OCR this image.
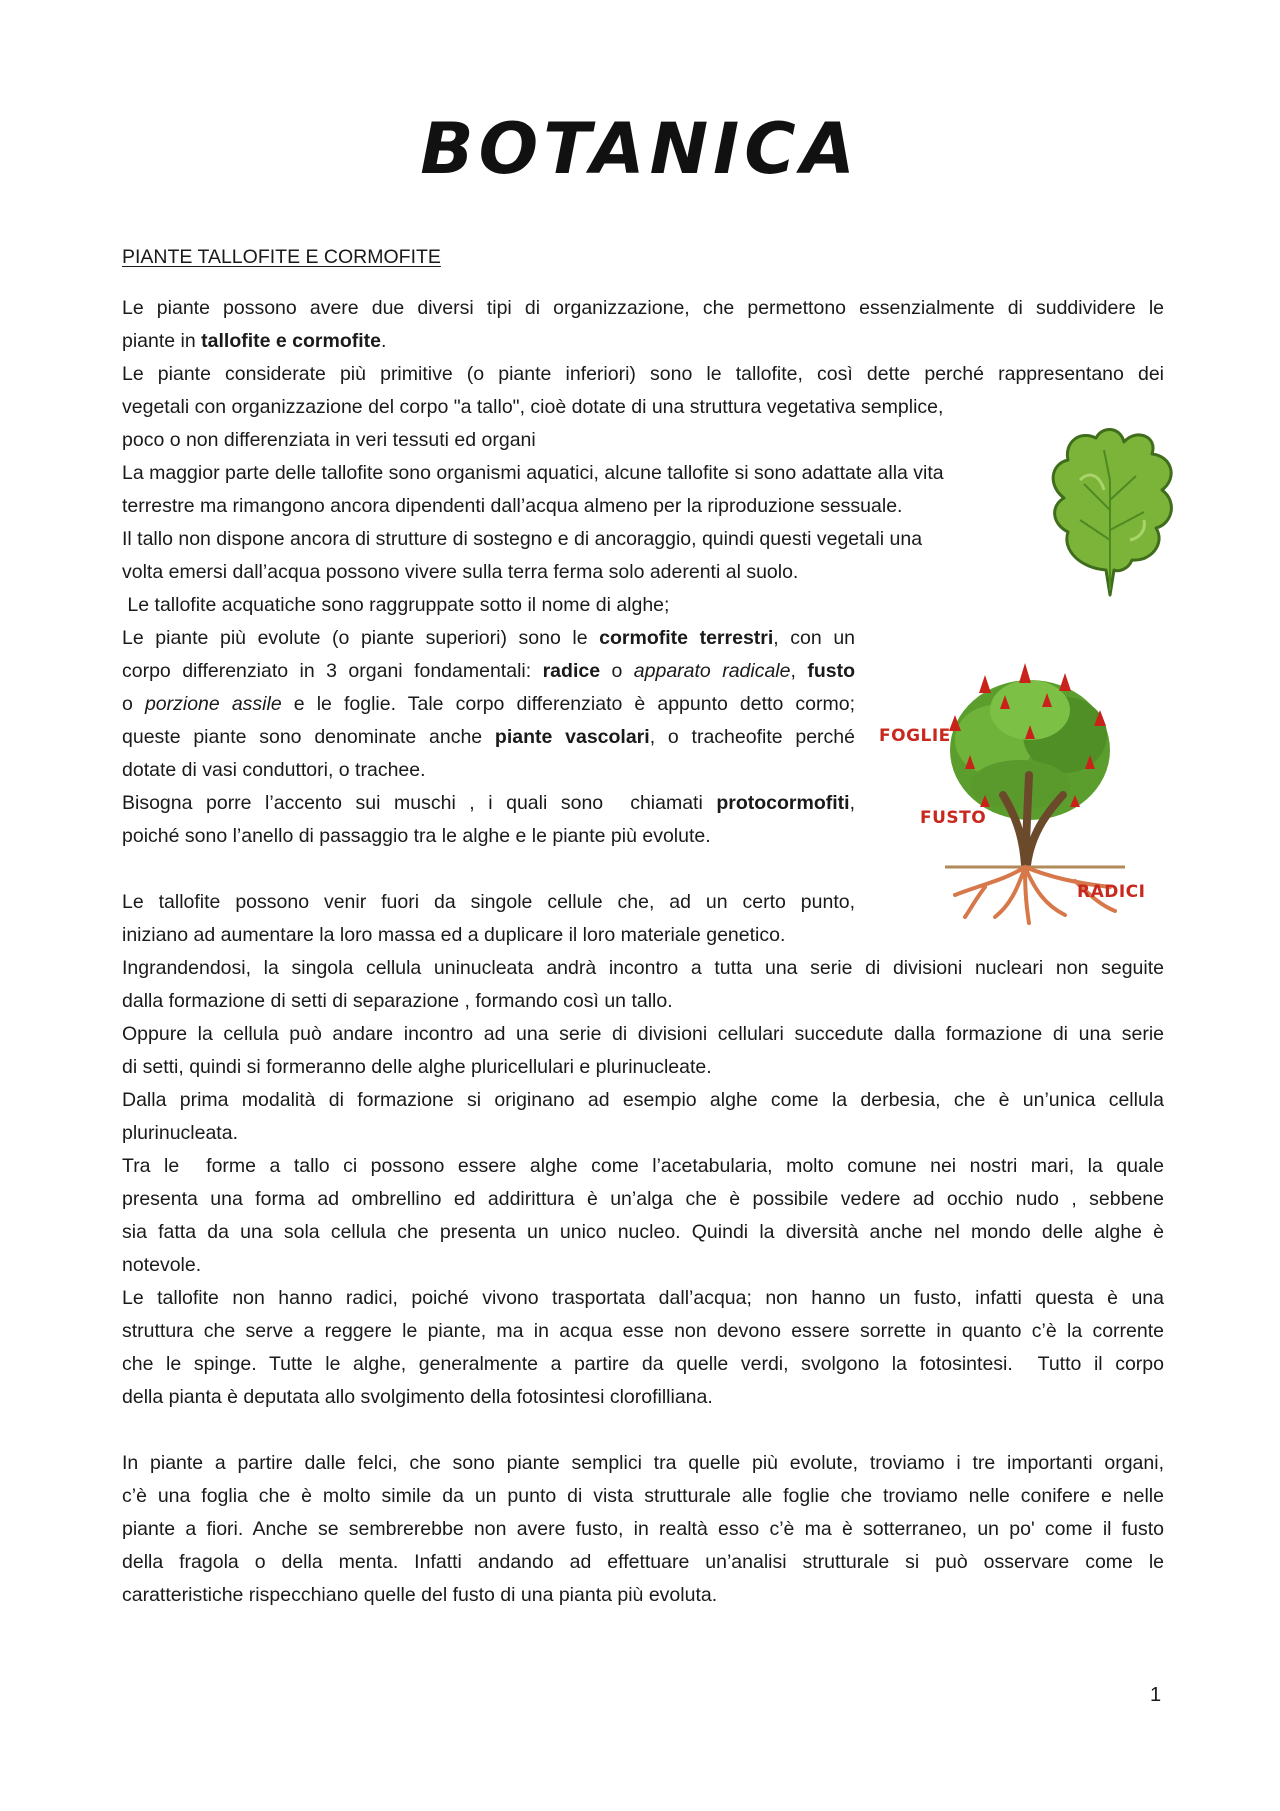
BOTANICA
PIANTE TALLOFITE E CORMOFITE

Le piante possono avere due diversi tipi di organizzazione, che permettono essenzialmente di suddividere le

piante in tallofite e cormofite.

Le piante considerate più primitive (o piante inferiori) sono le tallofite, così dette perché rappresentano dei

vegetali con organizzazione del corpo "a tallo", cioè dotate di una struttura vegetativa semplice,

poco o non differenziata in veri tessuti ed organi

La maggior parte delle tallofite sono organismi aquatici, alcune tallofite si sono adattate alla vita

terrestre ma rimangono ancora dipendenti dall’acqua almeno per la riproduzione sessuale.

Il tallo non dispone ancora di strutture di sostegno e di ancoraggio, quindi questi vegetali una

volta emersi dall’acqua possono vivere sulla terra ferma solo aderenti al suolo.

Le tallofite acquatiche sono raggruppate sotto il nome di alghe;

Le piante più evolute (o piante superiori) sono le cormofite terrestri, con un

corpo differenziato in 3 organi fondamentali: radice o apparato radicale, fusto

o porzione assile e le foglie. Tale corpo differenziato è appunto detto cormo;

queste piante sono denominate anche piante vascolari, o tracheofite perché

dotate di vasi conduttori, o trachee.

Bisogna porre l’accento sui muschi , i quali sono  chiamati protocormofiti,

poiché sono l’anello di passaggio tra le alghe e le piante più evolute.

Le tallofite possono venir fuori da singole cellule che, ad un certo punto,

iniziano ad aumentare la loro massa ed a duplicare il loro materiale genetico.

Ingrandendosi, la singola cellula uninucleata andrà incontro a tutta una serie di divisioni nucleari non seguite

dalla formazione di setti di separazione , formando così un tallo.

Oppure la cellula può andare incontro ad una serie di divisioni cellulari succedute dalla formazione di una serie

di setti, quindi si formeranno delle alghe pluricellulari e plurinucleate.

Dalla prima modalità di formazione si originano ad esempio alghe come la derbesia, che è un’unica cellula

plurinucleata.

Tra le  forme a tallo ci possono essere alghe come l’acetabularia, molto comune nei nostri mari, la quale

presenta una forma ad ombrellino ed addirittura è un’alga che è possibile vedere ad occhio nudo , sebbene

sia fatta da una sola cellula che presenta un unico nucleo. Quindi la diversità anche nel mondo delle alghe è

notevole.

Le tallofite non hanno radici, poiché vivono trasportata dall’acqua; non hanno un fusto, infatti questa è una

struttura che serve a reggere le piante, ma in acqua esse non devono essere sorrette in quanto c’è la corrente

che le spinge. Tutte le alghe, generalmente a partire da quelle verdi, svolgono la fotosintesi.  Tutto il corpo

della pianta è deputata allo svolgimento della fotosintesi clorofilliana.

In piante a partire dalle felci, che sono piante semplici tra quelle più evolute, troviamo i tre importanti organi,

c’è una foglia che è molto simile da un punto di vista strutturale alle foglie che troviamo nelle conifere e nelle

piante a fiori. Anche se sembrerebbe non avere fusto, in realtà esso c’è ma è sotterraneo, un po' come il fusto

della fragola o della menta. Infatti andando ad effettuare un’analisi strutturale si può osservare come le

caratteristiche rispecchiano quelle del fusto di una pianta più evoluta.

1
FOGLIE
FUSTO
RADICI
